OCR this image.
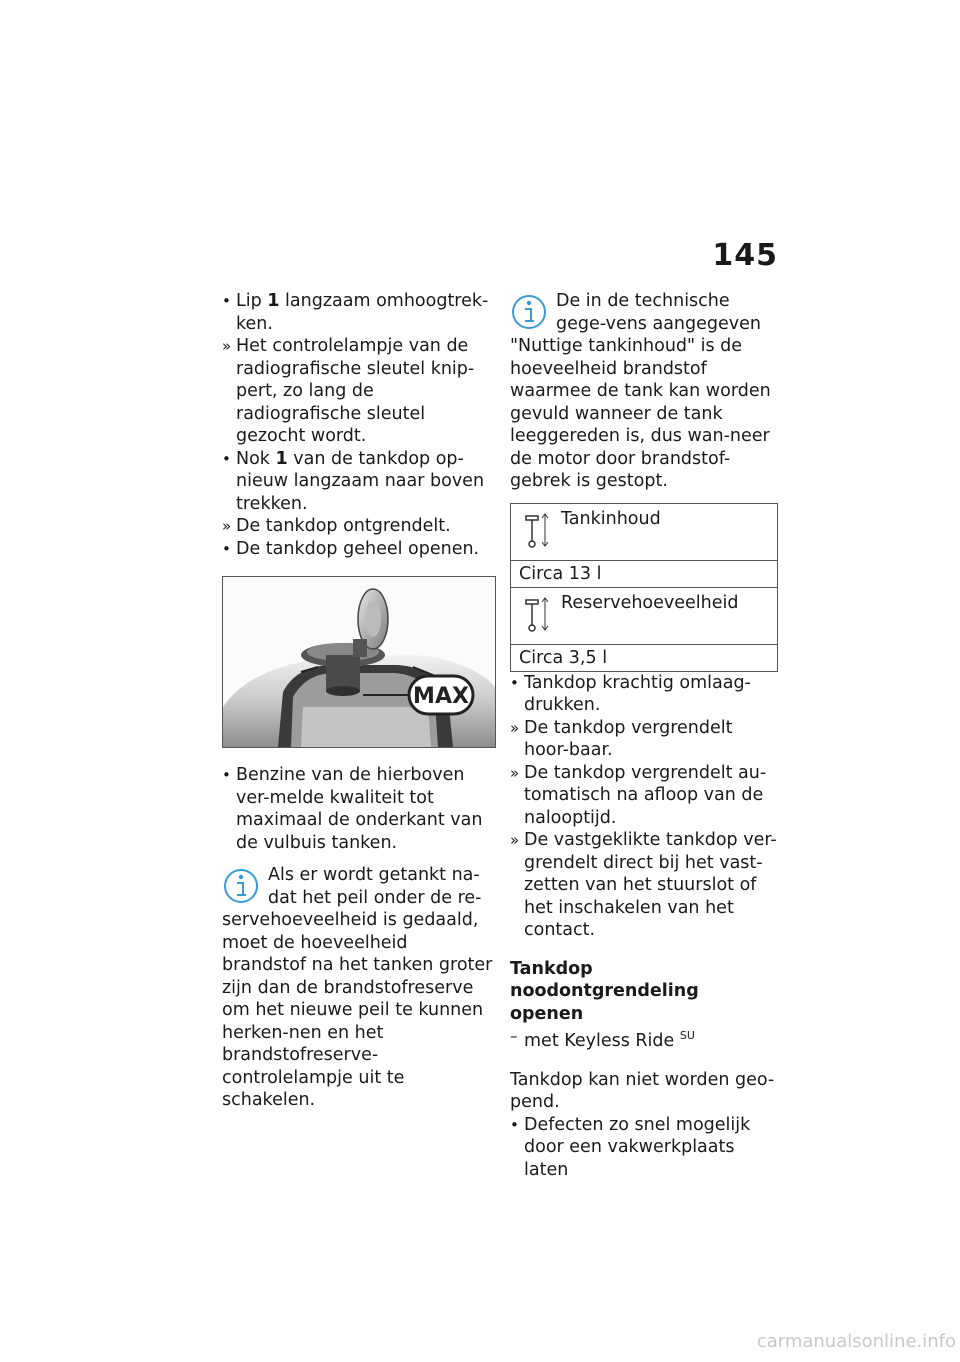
145
• Lip 1 langzaam omhoogtrek-ken.
» Het controlelampje van de radiografische sleutel knip-pert, zo lang de radiografische sleutel gezocht wordt.
• Nok 1 van de tankdop op-nieuw langzaam naar boven trekken.
» De tankdop ontgrendelt.
• De tankdop geheel openen.
MAX
• Benzine van de hierboven ver-melde kwaliteit tot maximaal de onderkant van de vulbuis tanken.
Als er wordt getankt na-dat het peil onder de re-servehoeveelheid is gedaald, moet de hoeveelheid brandstof na het tanken groter zijn dan de brandstofreserve om het nieuwe peil te kunnen herken-nen en het brandstofreserve-controlelampje uit te schakelen.
De in de technische gege-vens aangegeven "Nuttige tankinhoud" is de hoeveelheid brandstof waarmee de tank kan worden gevuld wanneer de tank leeggereden is, dus wan-neer de motor door brandstof-gebrek is gestopt.
Tankinhoud
Circa 13 l
Reservehoeveelheid
Circa 3,5 l
• Tankdop krachtig omlaag-drukken.
» De tankdop vergrendelt hoor-baar.
» De tankdop vergrendelt au-tomatisch na afloop van de nalooptijd.
» De vastgeklikte tankdop ver-grendelt direct bij het vast-zetten van het stuurslot of het inschakelen van het contact.
Tankdop noodontgrendeling openen
– met Keyless Ride $^{SU}$
Tankdop kan niet worden geo-pend.
• Defecten zo snel mogelijk door een vakwerkplaats laten
carmanualsonline.info
